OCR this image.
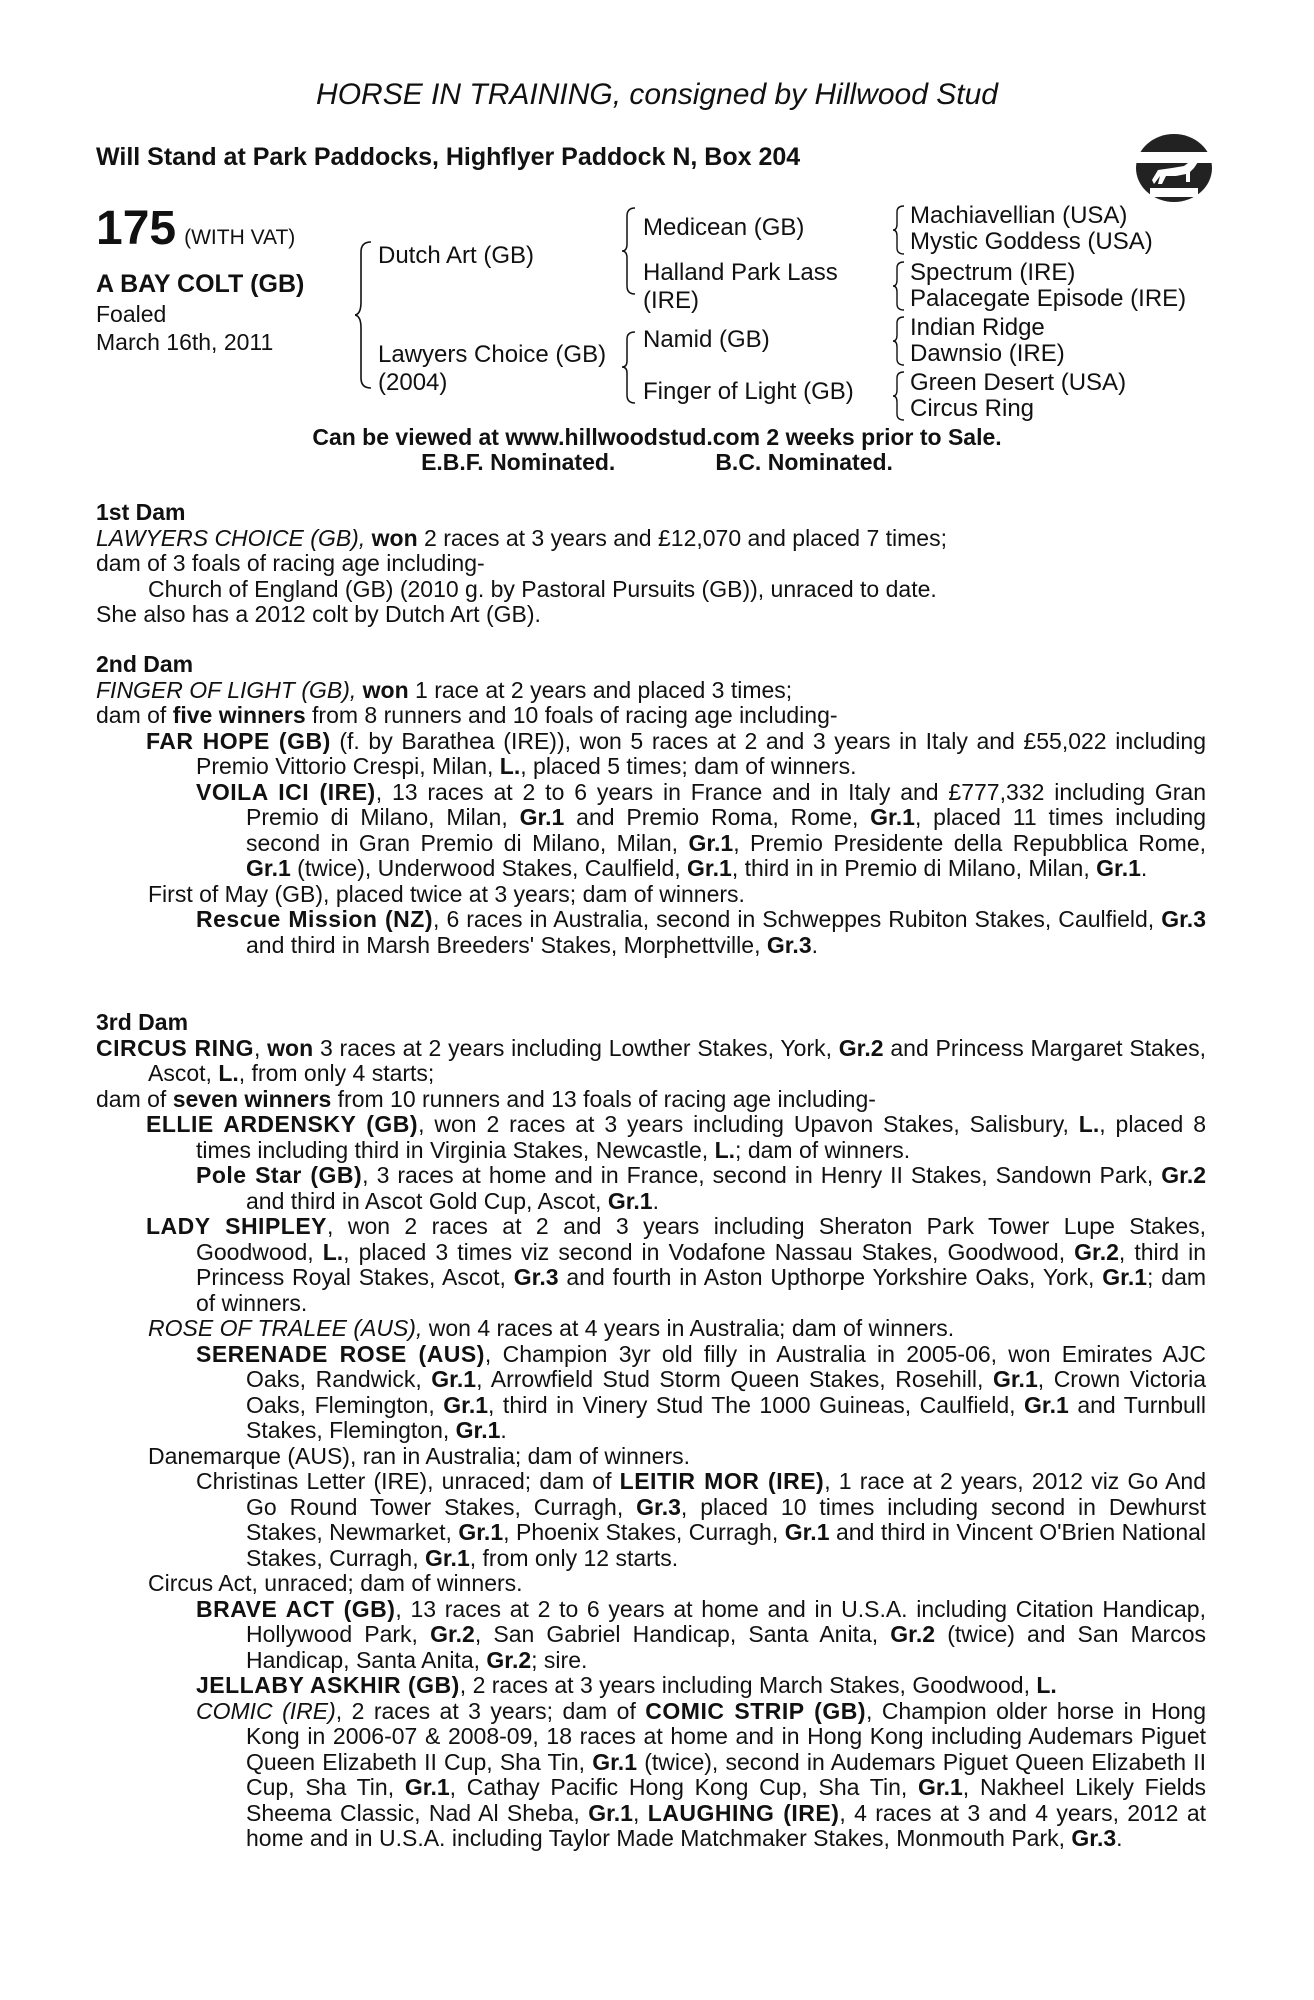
HORSE IN TRAINING, consigned by Hillwood Stud
Will Stand at Park Paddocks, Highflyer Paddock N, Box 204
175 (WITH VAT)
A BAY COLT (GB)
Foaled
March 16th, 2011
Dutch Art (GB)
Lawyers Choice (GB)
(2004)
Medicean (GB)
Halland Park Lass
(IRE)
Namid (GB)
Finger of Light (GB)
Machiavellian (USA)
Mystic Goddess (USA)
Spectrum (IRE)
Palacegate Episode (IRE)
Indian Ridge
Dawnsio (IRE)
Green Desert (USA)
Circus Ring
Can be viewed at www.hillwoodstud.com 2 weeks prior to Sale.
E.B.F. Nominated.	B.C. Nominated.
1st Dam

LAWYERS CHOICE (GB), won 2 races at 3 years and £12,070 and placed 7 times;

dam of 3 foals of racing age including-

Church of England (GB) (2010 g. by Pastoral Pursuits (GB)), unraced to date.

She also has a 2012 colt by Dutch Art (GB).

2nd Dam

FINGER OF LIGHT (GB), won 1 race at 2 years and placed 3 times;

dam of five winners from 8 runners and 10 foals of racing age including-

FAR HOPE (GB) (f. by Barathea (IRE)), won 5 races at 2 and 3 years in Italy and £55,022 including Premio Vittorio Crespi, Milan, L., placed 5 times; dam of winners.

VOILA ICI (IRE), 13 races at 2 to 6 years in France and in Italy and £777,332 including Gran Premio di Milano, Milan, Gr.1 and Premio Roma, Rome, Gr.1, placed 11 times including second in Gran Premio di Milano, Milan, Gr.1, Premio Presidente della Repubblica Rome, Gr.1 (twice), Underwood Stakes, Caulfield, Gr.1, third in in Premio di Milano, Milan, Gr.1.

First of May (GB), placed twice at 3 years; dam of winners.

Rescue Mission (NZ), 6 races in Australia, second in Schweppes Rubiton Stakes, Caulfield, Gr.3 and third in Marsh Breeders' Stakes, Morphettville, Gr.3.

3rd Dam

CIRCUS RING, won 3 races at 2 years including Lowther Stakes, York, Gr.2 and Princess Margaret Stakes, Ascot, L., from only 4 starts;

dam of seven winners from 10 runners and 13 foals of racing age including-

ELLIE ARDENSKY (GB), won 2 races at 3 years including Upavon Stakes, Salisbury, L., placed 8 times including third in Virginia Stakes, Newcastle, L.; dam of winners.

Pole Star (GB), 3 races at home and in France, second in Henry II Stakes, Sandown Park, Gr.2 and third in Ascot Gold Cup, Ascot, Gr.1.

LADY SHIPLEY, won 2 races at 2 and 3 years including Sheraton Park Tower Lupe Stakes, Goodwood, L., placed 3 times viz second in Vodafone Nassau Stakes, Goodwood, Gr.2, third in Princess Royal Stakes, Ascot, Gr.3 and fourth in Aston Upthorpe Yorkshire Oaks, York, Gr.1; dam of winners.

ROSE OF TRALEE (AUS), won 4 races at 4 years in Australia; dam of winners.

SERENADE ROSE (AUS), Champion 3yr old filly in Australia in 2005-06, won Emirates AJC Oaks, Randwick, Gr.1, Arrowfield Stud Storm Queen Stakes, Rosehill, Gr.1, Crown Victoria Oaks, Flemington, Gr.1, third in Vinery Stud The 1000 Guineas, Caulfield, Gr.1 and Turnbull Stakes, Flemington, Gr.1.

Danemarque (AUS), ran in Australia; dam of winners.

Christinas Letter (IRE), unraced; dam of LEITIR MOR (IRE), 1 race at 2 years, 2012 viz Go And Go Round Tower Stakes, Curragh, Gr.3, placed 10 times including second in Dewhurst Stakes, Newmarket, Gr.1, Phoenix Stakes, Curragh, Gr.1 and third in Vincent O'Brien National Stakes, Curragh, Gr.1, from only 12 starts.

Circus Act, unraced; dam of winners.

BRAVE ACT (GB), 13 races at 2 to 6 years at home and in U.S.A. including Citation Handicap, Hollywood Park, Gr.2, San Gabriel Handicap, Santa Anita, Gr.2 (twice) and San Marcos Handicap, Santa Anita, Gr.2; sire.

JELLABY ASKHIR (GB), 2 races at 3 years including March Stakes, Goodwood, L.

COMIC (IRE), 2 races at 3 years; dam of COMIC STRIP (GB), Champion older horse in Hong Kong in 2006-07 & 2008-09, 18 races at home and in Hong Kong including Audemars Piguet Queen Elizabeth II Cup, Sha Tin, Gr.1 (twice), second in Audemars Piguet Queen Elizabeth II Cup, Sha Tin, Gr.1, Cathay Pacific Hong Kong Cup, Sha Tin, Gr.1, Nakheel Likely Fields Sheema Classic, Nad Al Sheba, Gr.1, LAUGHING (IRE), 4 races at 3 and 4 years, 2012 at home and in U.S.A. including Taylor Made Matchmaker Stakes, Monmouth Park, Gr.3.
